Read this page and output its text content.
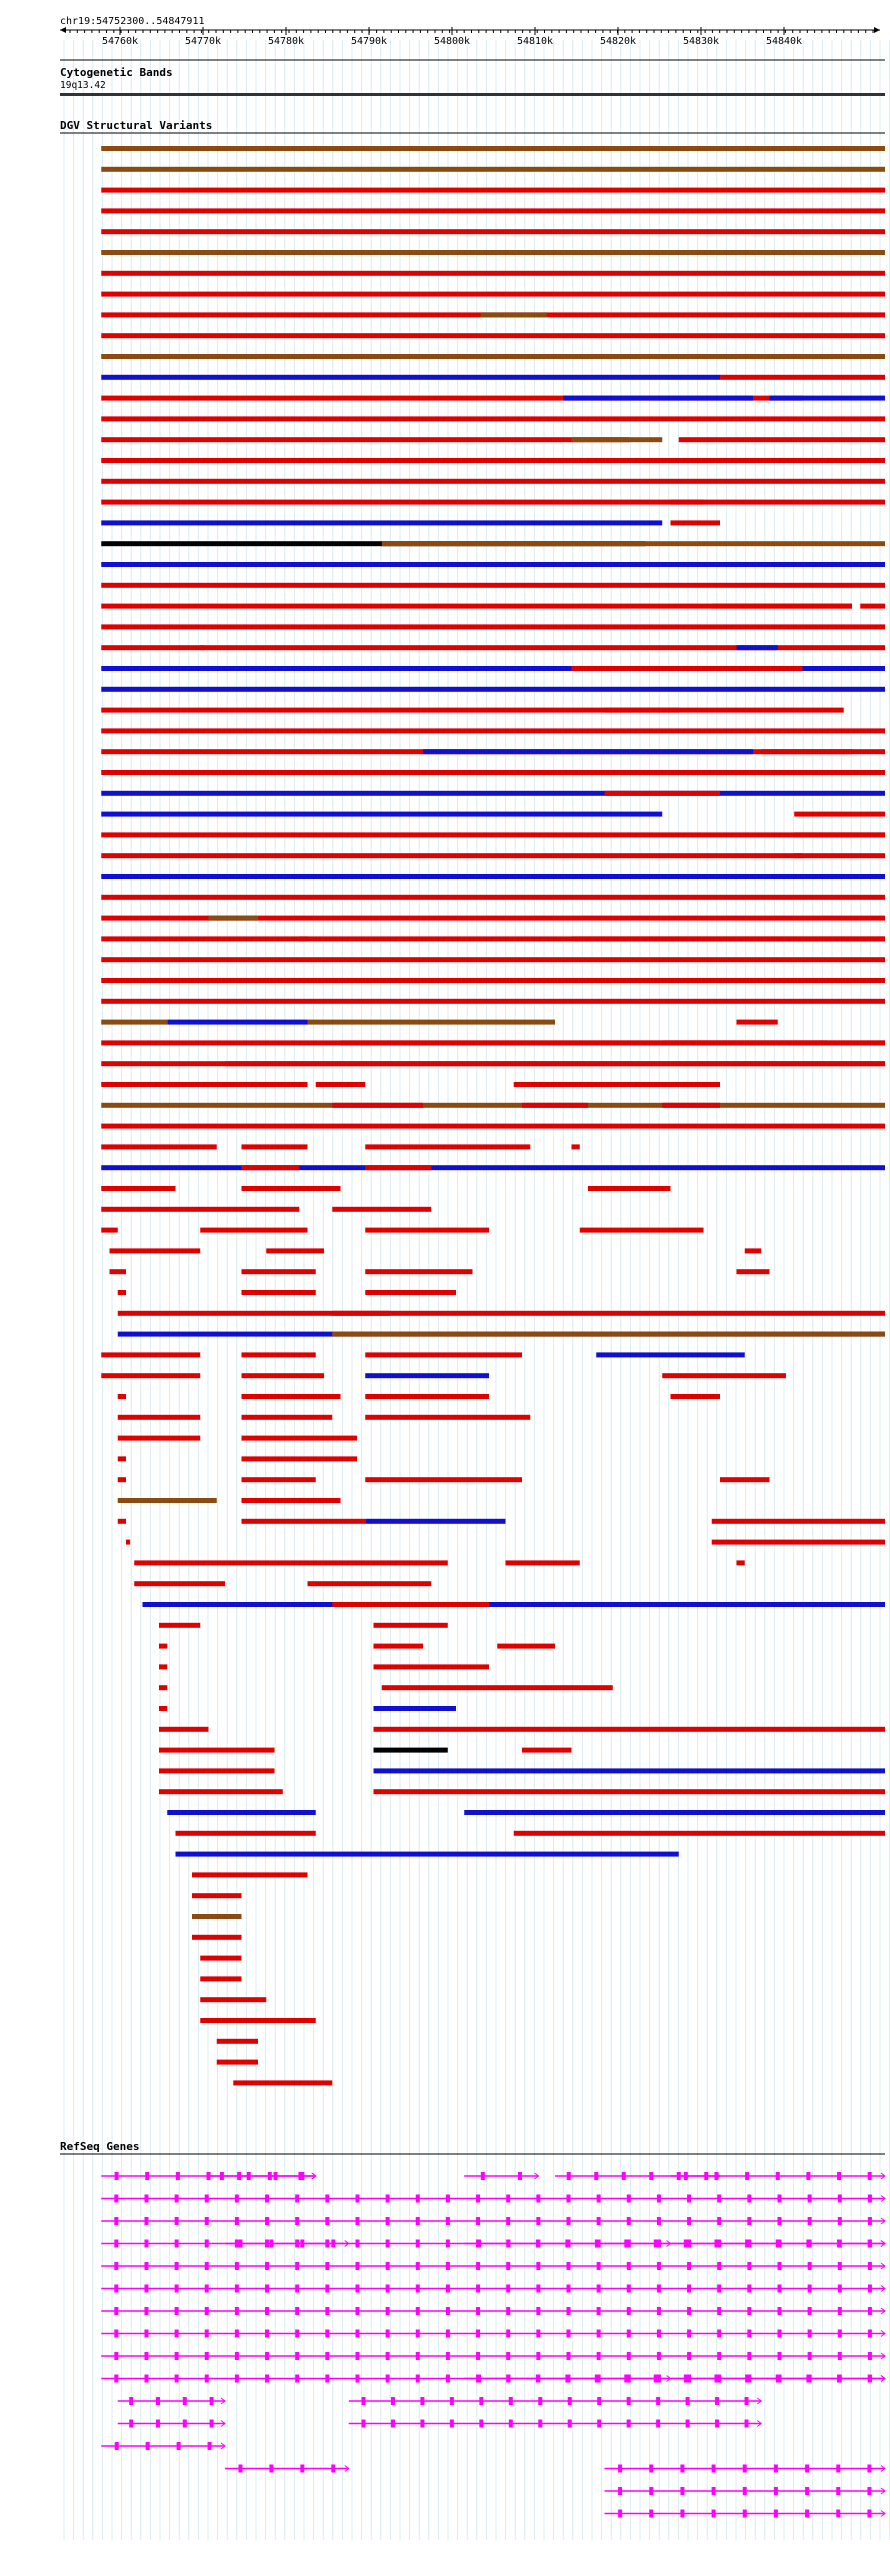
chr19:54752300..54847911
54760k	54770k	54780k	54790k	54800k	54810k	54820k	54830k	54840k
Cytogenetic Bands
19q13.42
DGV Structural Variants
RefSeq Genes
